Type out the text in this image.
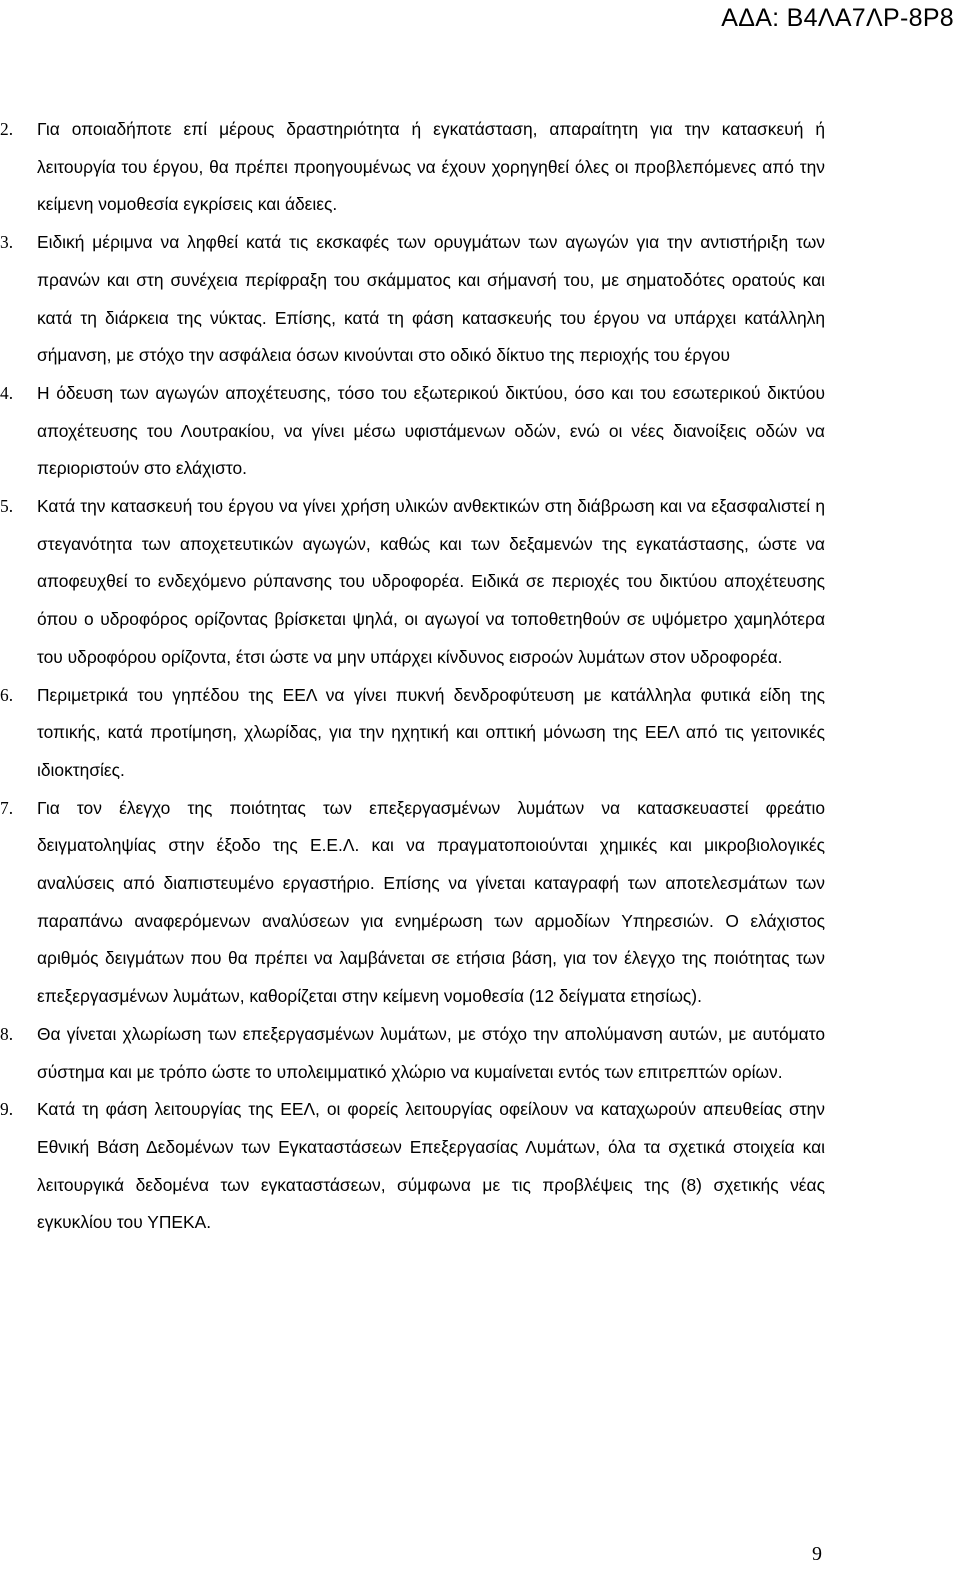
ΑΔΑ: Β4ΛΑ7ΛΡ-8Ρ8
2. Για οποιαδήποτε επί μέρους δραστηριότητα ή εγκατάσταση, απαραίτητη για την κατασκευή ή λειτουργία του έργου, θα πρέπει προηγουμένως να έχουν χορηγηθεί όλες οι προβλεπόμενες από την κείμενη νομοθεσία εγκρίσεις και άδειες.
3. Ειδική μέριμνα να ληφθεί κατά τις εκσκαφές των ορυγμάτων των αγωγών για την αντιστήριξη των πρανών και στη συνέχεια περίφραξη του σκάμματος και σήμανσή του, με σηματοδότες ορατούς και κατά τη διάρκεια της νύκτας. Επίσης, κατά τη φάση κατασκευής του έργου να υπάρχει κατάλληλη σήμανση, με στόχο την ασφάλεια όσων κινούνται στο οδικό δίκτυο της περιοχής του έργου
4. Η όδευση των αγωγών αποχέτευσης, τόσο του εξωτερικού δικτύου, όσο και του εσωτερικού δικτύου αποχέτευσης του Λουτρακίου, να γίνει μέσω υφιστάμενων οδών, ενώ οι νέες διανοίξεις οδών να περιοριστούν στο ελάχιστο.
5. Κατά την κατασκευή του έργου να γίνει χρήση υλικών ανθεκτικών στη διάβρωση και να εξασφαλιστεί η στεγανότητα των αποχετευτικών αγωγών, καθώς και των δεξαμενών της εγκατάστασης, ώστε να αποφευχθεί το ενδεχόμενο ρύπανσης του υδροφορέα. Ειδικά σε περιοχές του δικτύου αποχέτευσης όπου ο υδροφόρος ορίζοντας βρίσκεται ψηλά, οι αγωγοί να τοποθετηθούν σε υψόμετρο χαμηλότερα του υδροφόρου ορίζοντα, έτσι ώστε να μην υπάρχει κίνδυνος εισροών λυμάτων στον υδροφορέα.
6. Περιμετρικά του γηπέδου της ΕΕΛ να γίνει πυκνή δενδροφύτευση με κατάλληλα φυτικά είδη της τοπικής, κατά προτίμηση, χλωρίδας, για την ηχητική και οπτική μόνωση της ΕΕΛ από τις γειτονικές ιδιοκτησίες.
7. Για τον έλεγχο της ποιότητας των επεξεργασμένων λυμάτων να κατασκευαστεί φρεάτιο δειγματοληψίας στην έξοδο της Ε.Ε.Λ. και να πραγματοποιούνται χημικές και μικροβιολογικές αναλύσεις από διαπιστευμένο εργαστήριο. Επίσης να γίνεται καταγραφή των αποτελεσμάτων των παραπάνω αναφερόμενων αναλύσεων για ενημέρωση των αρμοδίων Υπηρεσιών. Ο ελάχιστος αριθμός δειγμάτων που θα πρέπει να λαμβάνεται σε ετήσια βάση, για τον έλεγχο της ποιότητας των επεξεργασμένων λυμάτων, καθορίζεται στην κείμενη νομοθεσία (12 δείγματα ετησίως).
8. Θα γίνεται χλωρίωση των επεξεργασμένων λυμάτων, με στόχο την απολύμανση αυτών, με αυτόματο σύστημα και με τρόπο ώστε το υπολειμματικό χλώριο να κυμαίνεται εντός των επιτρεπτών ορίων.
9. Κατά τη φάση λειτουργίας της ΕΕΛ, οι φορείς λειτουργίας οφείλουν να καταχωρούν απευθείας στην Εθνική Βάση Δεδομένων των Εγκαταστάσεων Επεξεργασίας Λυμάτων, όλα τα σχετικά στοιχεία και λειτουργικά δεδομένα των εγκαταστάσεων, σύμφωνα με τις προβλέψεις της (8) σχετικής νέας εγκυκλίου του ΥΠΕΚΑ.
9
